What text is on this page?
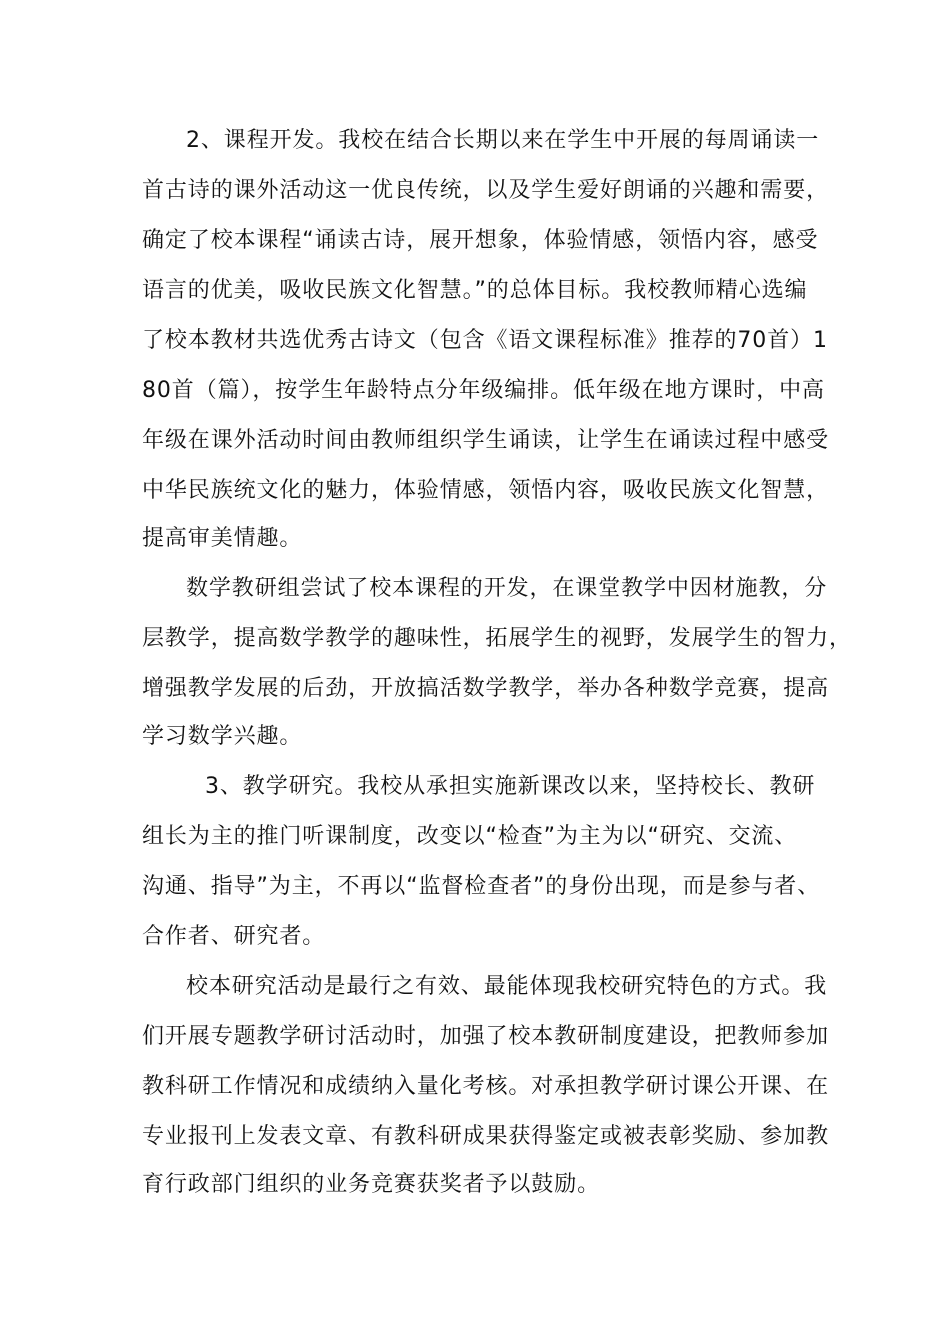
2、课程开发。我校在结合长期以来在学生中开展的每周诵读一
首古诗的课外活动这一优良传统，以及学生爱好朗诵的兴趣和需要，
确定了校本课程“诵读古诗，展开想象，体验情感，领悟内容，感受
语言的优美，吸收民族文化智慧。”的总体目标。我校教师精心选编
了校本教材共选优秀古诗文（包含《语文课程标准》推荐的70首）1
80首（篇），按学生年龄特点分年级编排。低年级在地方课时，中高
年级在课外活动时间由教师组织学生诵读，让学生在诵读过程中感受
中华民族统文化的魅力，体验情感，领悟内容，吸收民族文化智慧，
提高审美情趣。
数学教研组尝试了校本课程的开发，在课堂教学中因材施教，分
层教学，提高数学教学的趣味性，拓展学生的视野，发展学生的智力，
增强教学发展的后劲，开放搞活数学教学，举办各种数学竞赛，提高
学习数学兴趣。
3、教学研究。我校从承担实施新课改以来，坚持校长、教研
组长为主的推门听课制度，改变以“检查”为主为以“研究、交流、
沟通、指导”为主，不再以“监督检查者”的身份出现，而是参与者、
合作者、研究者。
校本研究活动是最行之有效、最能体现我校研究特色的方式。我
们开展专题教学研讨活动时，加强了校本教研制度建设，把教师参加
教科研工作情况和成绩纳入量化考核。对承担教学研讨课公开课、在
专业报刊上发表文章、有教科研成果获得鉴定或被表彰奖励、参加教
育行政部门组织的业务竞赛获奖者予以鼓励。
